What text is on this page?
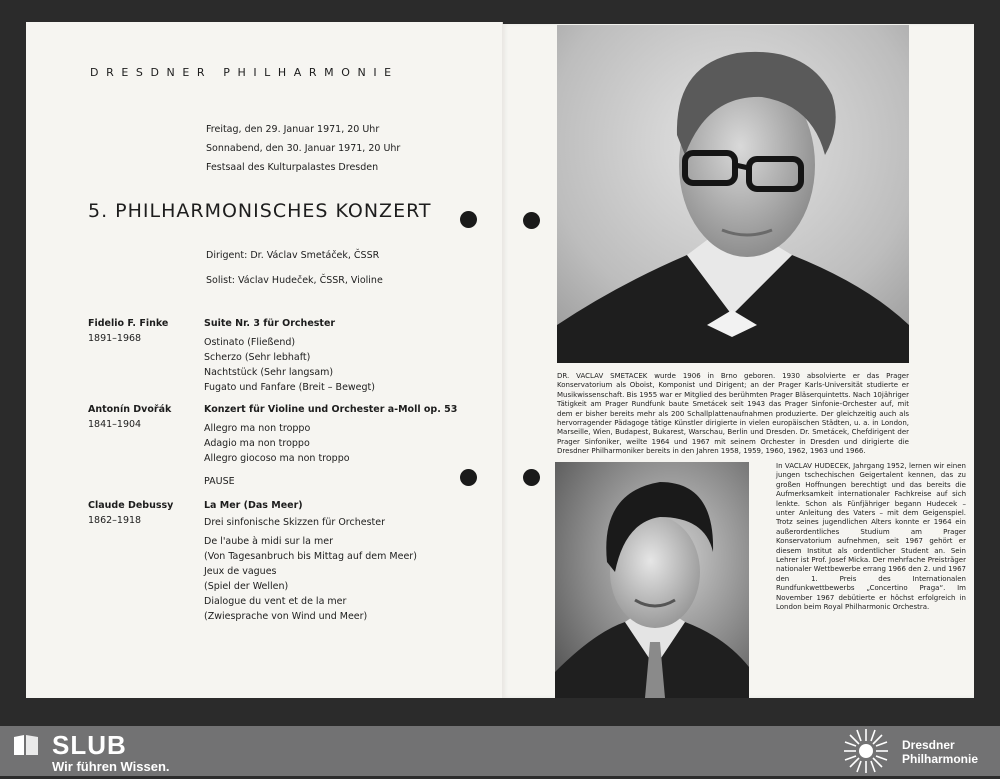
DRESDNER PHILHARMONIE
Freitag, den 29. Januar 1971, 20 Uhr
Sonnabend, den 30. Januar 1971, 20 Uhr
Festsaal des Kulturpalastes Dresden
5. PHILHARMONISCHES KONZERT
Dirigent: Dr. Václav Smetáček, ČSSR
Solist: Václav Hudeček, ČSSR, Violine
Fidelio F. Finke
1891–1968
Suite Nr. 3 für Orchester
Ostinato (Fließend)
Scherzo (Sehr lebhaft)
Nachtstück (Sehr langsam)
Fugato und Fanfare (Breit – Bewegt)
Antonín Dvořák
1841–1904
Konzert für Violine und Orchester a-Moll op. 53
Allegro ma non troppo
Adagio ma non troppo
Allegro giocoso ma non troppo
PAUSE
Claude Debussy
1862–1918
La Mer (Das Meer)
Drei sinfonische Skizzen für Orchester
De l'aube à midi sur la mer
(Von Tagesanbruch bis Mittag auf dem Meer)
Jeux de vagues
(Spiel der Wellen)
Dialogue du vent et de la mer
(Zwiesprache von Wind und Meer)
DR. VACLAV SMETACEK wurde 1906 in Brno geboren. 1930 absolvierte er das Prager Konservatorium als Oboist, Komponist und Dirigent; an der Prager Karls-Universität studierte er Musikwissenschaft. Bis 1955 war er Mitglied des berühmten Prager Bläserquintetts. Nach 10jähriger Tätigkeit am Prager Rundfunk baute Smetácek seit 1943 das Prager Sinfonie-Orchester auf, mit dem er bisher bereits mehr als 200 Schallplattenaufnahmen produzierte. Der gleichzeitig auch als hervorragender Pädagoge tätige Künstler dirigierte in vielen europäischen Städten, u. a. in London, Marseille, Wien, Budapest, Bukarest, Warschau, Berlin und Dresden. Dr. Smetácek, Chefdirigent der Prager Sinfoniker, weilte 1964 und 1967 mit seinem Orchester in Dresden und dirigierte die Dresdner Philharmoniker bereits in den Jahren 1958, 1959, 1960, 1962, 1963 und 1966.
In VACLAV HUDECEK, Jahrgang 1952, lernen wir einen jungen tschechischen Geigertalent kennen, das zu großen Hoffnungen berechtigt und das bereits die Aufmerksamkeit internationaler Fachkreise auf sich lenkte. Schon als Fünfjähriger begann Hudecek – unter Anleitung des Vaters – mit dem Geigenspiel. Trotz seines jugendlichen Alters konnte er 1964 ein außerordentliches Studium am Prager Konservatorium aufnehmen, seit 1967 gehört er diesem Institut als ordentlicher Student an. Sein Lehrer ist Prof. Josef Micka. Der mehrfache Preisträger nationaler Wettbewerbe errang 1966 den 2. und 1967 den 1. Preis des Internationalen Rundfunkwettbewerbs „Concertino Praga“. Im November 1967 debütierte er höchst erfolgreich in London beim Royal Philharmonic Orchestra.
SLUB
Wir führen Wissen.
Dresdner
Philharmonie
